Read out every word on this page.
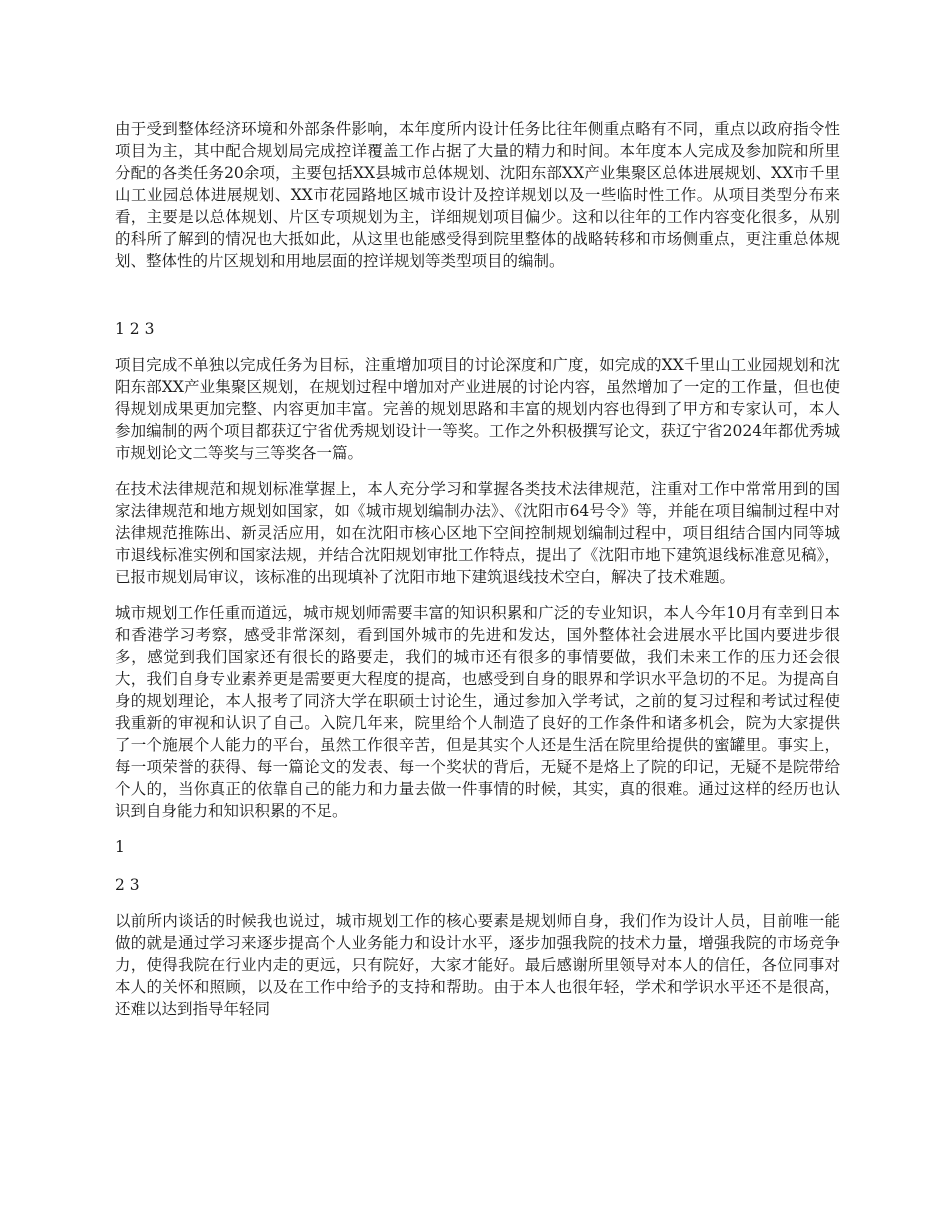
由于受到整体经济环境和外部条件影响，本年度所内设计任务比往年侧重点略有不同，重点以政府指令性项目为主，其中配合规划局完成控详覆盖工作占据了大量的精力和时间。本年度本人完成及参加院和所里分配的各类任务20余项，主要包括XX县城市总体规划、沈阳东部XX产业集聚区总体进展规划、XX市千里山工业园总体进展规划、XX市花园路地区城市设计及控详规划以及一些临时性工作。从项目类型分布来看，主要是以总体规划、片区专项规划为主，详细规划项目偏少。这和以往年的工作内容变化很多，从别的科所了解到的情况也大抵如此，从这里也能感受得到院里整体的战略转移和市场侧重点，更注重总体规划、整体性的片区规划和用地层面的控详规划等类型项目的编制。

1 2 3

项目完成不单独以完成任务为目标，注重增加项目的讨论深度和广度，如完成的XX千里山工业园规划和沈阳东部XX产业集聚区规划，在规划过程中增加对产业进展的讨论内容，虽然增加了一定的工作量，但也使得规划成果更加完整、内容更加丰富。完善的规划思路和丰富的规划内容也得到了甲方和专家认可，本人参加编制的两个项目都获辽宁省优秀规划设计一等奖。工作之外积极撰写论文，获辽宁省2024年都优秀城市规划论文二等奖与三等奖各一篇。

在技术法律规范和规划标准掌握上，本人充分学习和掌握各类技术法律规范，注重对工作中常常用到的国家法律规范和地方规划如国家，如《城市规划编制办法》、《沈阳市64号令》等，并能在项目编制过程中对法律规范推陈出、新灵活应用，如在沈阳市核心区地下空间控制规划编制过程中，项目组结合国内同等城市退线标准实例和国家法规，并结合沈阳规划审批工作特点，提出了《沈阳市地下建筑退线标准意见稿》，已报市规划局审议，该标准的出现填补了沈阳市地下建筑退线技术空白，解决了技术难题。

城市规划工作任重而道远，城市规划师需要丰富的知识积累和广泛的专业知识，本人今年10月有幸到日本和香港学习考察，感受非常深刻，看到国外城市的先进和发达，国外整体社会进展水平比国内要进步很多，感觉到我们国家还有很长的路要走，我们的城市还有很多的事情要做，我们未来工作的压力还会很大，我们自身专业素养更是需要更大程度的提高，也感受到自身的眼界和学识水平急切的不足。为提高自身的规划理论，本人报考了同济大学在职硕士讨论生，通过参加入学考试，之前的复习过程和考试过程使我重新的审视和认识了自己。入院几年来，院里给个人制造了良好的工作条件和诸多机会，院为大家提供了一个施展个人能力的平台，虽然工作很辛苦，但是其实个人还是生活在院里给提供的蜜罐里。事实上，每一项荣誉的获得、每一篇论文的发表、每一个奖状的背后，无疑不是烙上了院的印记，无疑不是院带给个人的，当你真正的依靠自己的能力和力量去做一件事情的时候，其实，真的很难。通过这样的经历也认识到自身能力和知识积累的不足。

1

2 3

以前所内谈话的时候我也说过，城市规划工作的核心要素是规划师自身，我们作为设计人员，目前唯一能做的就是通过学习来逐步提高个人业务能力和设计水平，逐步加强我院的技术力量，增强我院的市场竞争力，使得我院在行业内走的更远，只有院好，大家才能好。最后感谢所里领导对本人的信任，各位同事对本人的关怀和照顾，以及在工作中给予的支持和帮助。由于本人也很年轻，学术和学识水平还不是很高，还难以达到指导年轻同
